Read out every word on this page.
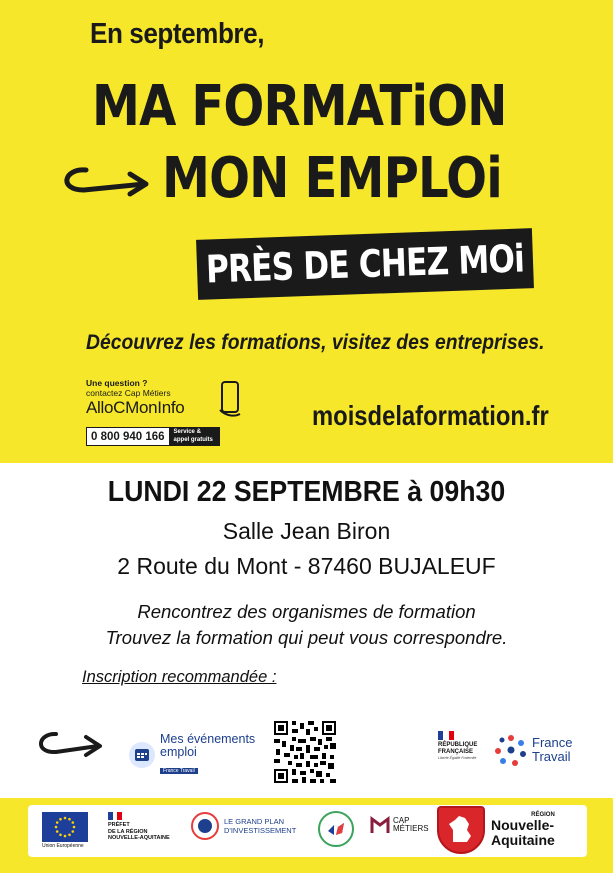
En septembre,
MA FORMATiON
MON EMPLOi
PRÈS DE CHEZ MOi
Découvrez les formations, visitez des entreprises.
Une question ?
contactez Cap Métiers
AlloCMonInfo
0 800 940 166	Service & appel gratuits
moisdelaformation.fr
LUNDI 22 SEPTEMBRE à 09h30
Salle Jean Biron
2 Route du Mont - 87460 BUJALEUF
Rencontrez des organismes de formation
Trouvez la formation qui peut vous correspondre.
Inscription recommandée :
Mes événements
emploi
France Travail
RÉPUBLIQUE
FRANÇAISE
Liberté Égalité Fraternité
France
Travail
Union Européenne
PRÉFET
DE LA RÉGION
NOUVELLE-AQUITAINE
LE GRAND PLAN
D'INVESTISSEMENT
CAP
MÉTIERS
RÉGION
Nouvelle-
Aquitaine
